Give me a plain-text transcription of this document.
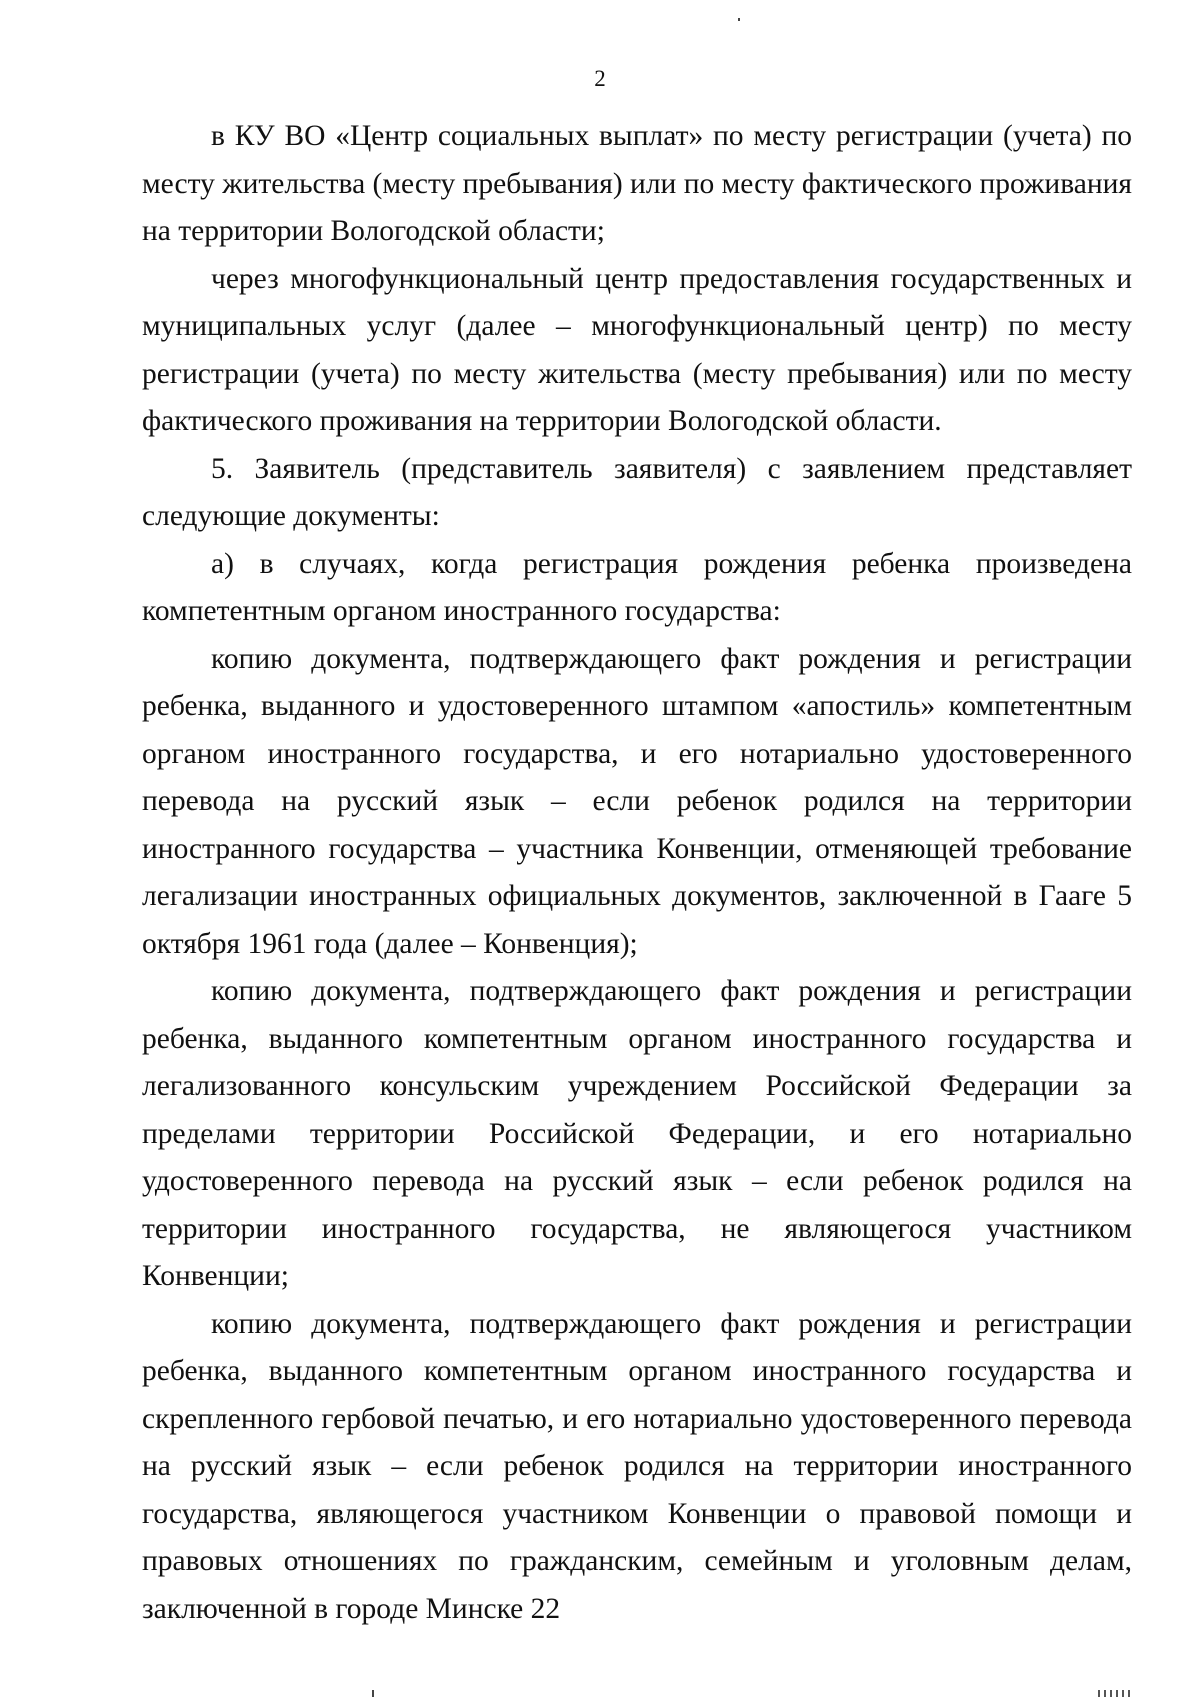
2

в КУ ВО «Центр социальных выплат» по месту регистрации (учета) по месту жительства (месту пребывания) или по месту фактического проживания на территории Вологодской области;

через многофункциональный центр предоставления государственных и муниципальных услуг (далее – многофункциональный центр) по месту регистрации (учета) по месту жительства (месту пребывания) или по месту фактического проживания на территории Вологодской области.

5. Заявитель (представитель заявителя) с заявлением представляет следующие документы:

а) в случаях, когда регистрация рождения ребенка произведена компетентным органом иностранного государства:

копию документа, подтверждающего факт рождения и регистрации ребенка, выданного и удостоверенного штампом «апостиль» компетентным органом иностранного государства, и его нотариально удостоверенного перевода на русский язык – если ребенок родился на территории иностранного государства – участника Конвенции, отменяющей требование легализации иностранных официальных документов, заключенной в Гааге 5 октября 1961 года (далее – Конвенция);

копию документа, подтверждающего факт рождения и регистрации ребенка, выданного компетентным органом иностранного государства и легализованного консульским учреждением Российской Федерации за пределами территории Российской Федерации, и его нотариально удостоверенного перевода на русский язык – если ребенок родился на территории иностранного государства, не являющегося участником Конвенции;

копию документа, подтверждающего факт рождения и регистрации ребенка, выданного компетентным органом иностранного государства и скрепленного гербовой печатью, и его нотариально удостоверенного перевода на русский язык – если ребенок родился на территории иностранного государства, являющегося участником Конвенции о правовой помощи и правовых отношениях по гражданским, семейным и уголовным делам, заключенной в городе Минске 22
